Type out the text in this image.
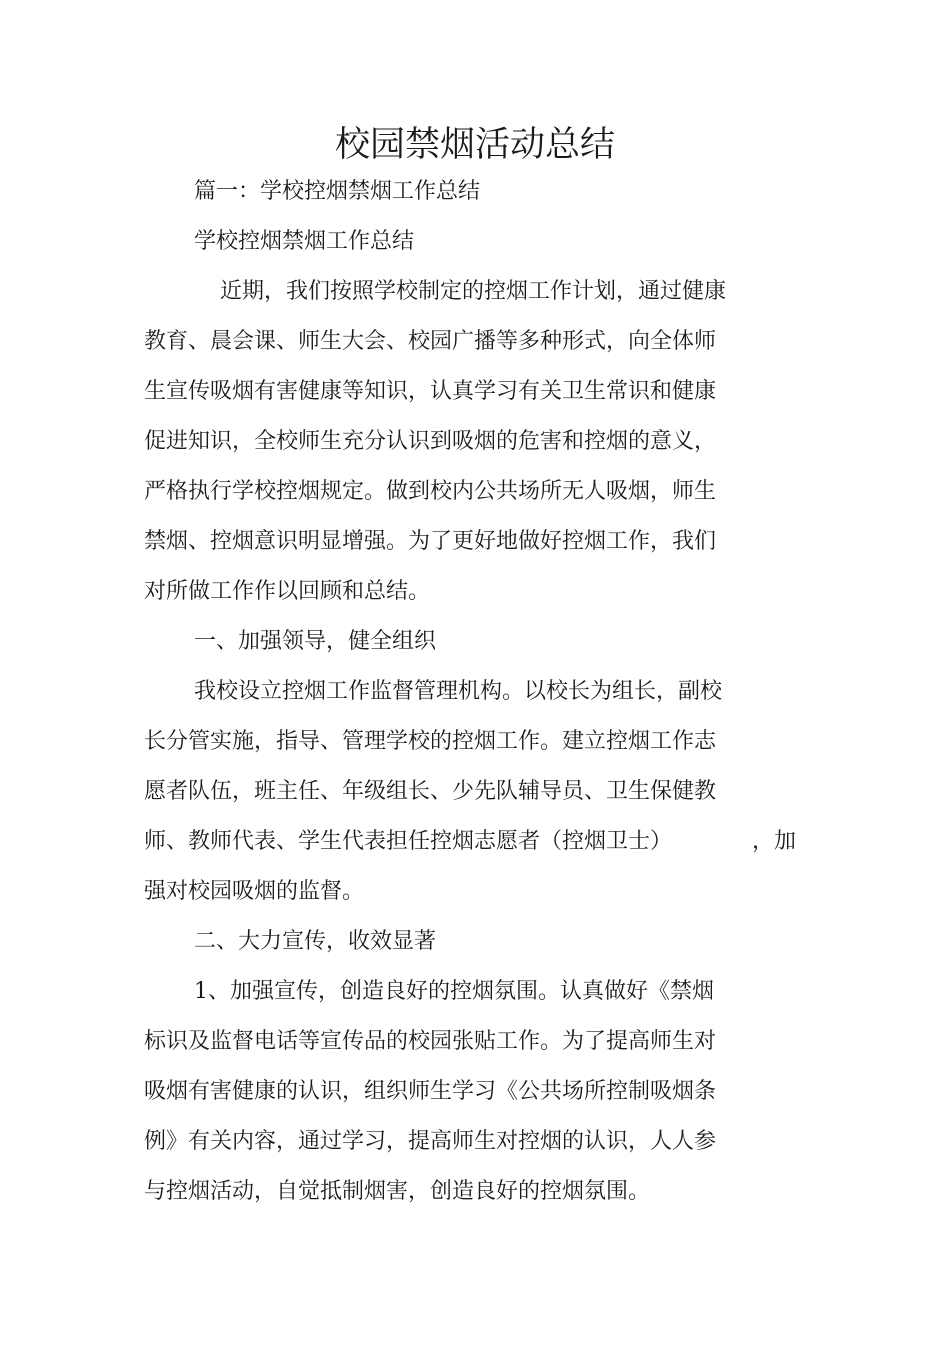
校园禁烟活动总结
篇一：学校控烟禁烟工作总结
学校控烟禁烟工作总结
近期，我们按照学校制定的控烟工作计划，通过健康
教育、晨会课、师生大会、校园广播等多种形式，向全体师
生宣传吸烟有害健康等知识，认真学习有关卫生常识和健康
促进知识，全校师生充分认识到吸烟的危害和控烟的意义，
严格执行学校控烟规定。做到校内公共场所无人吸烟，师生
禁烟、控烟意识明显增强。为了更好地做好控烟工作，我们
对所做工作作以回顾和总结。
一、加强领导，健全组织
我校设立控烟工作监督管理机构。以校长为组长，副校
长分管实施，指导、管理学校的控烟工作。建立控烟工作志
愿者队伍，班主任、年级组长、少先队辅导员、卫生保健教
师、教师代表、学生代表担任控烟志愿者（控烟卫士）	，加
强对校园吸烟的监督。
二、大力宣传，收效显著
1、加强宣传，创造良好的控烟氛围。认真做好《禁烟
标识及监督电话等宣传品的校园张贴工作。为了提高师生对
吸烟有害健康的认识，组织师生学习《公共场所控制吸烟条
例》有关内容，通过学习，提高师生对控烟的认识，人人参
与控烟活动，自觉抵制烟害，创造良好的控烟氛围。
